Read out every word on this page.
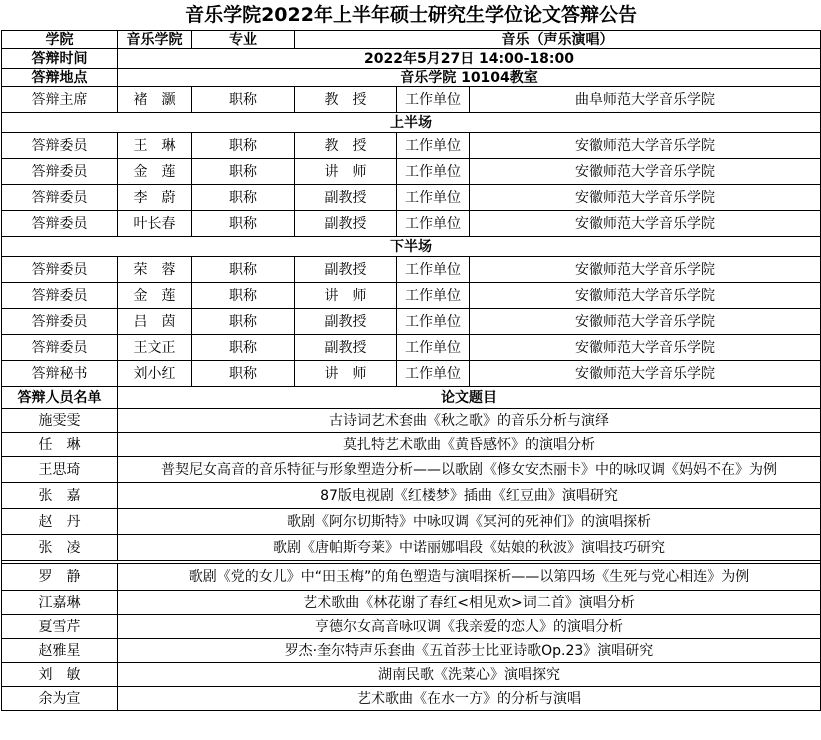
音乐学院2022年上半年硕士研究生学位论文答辩公告					
学院	音乐学院	专业	音乐（声乐演唱）		
答辩时间	2022年5月27日 14:00-18:00				
答辩地点	音乐学院 10104教室				
答辩主席	褚　灏	职称	教　授	工作单位	曲阜师范大学音乐学院
上半场					
答辩委员	王　琳	职称	教　授	工作单位	安徽师范大学音乐学院
答辩委员	金　莲	职称	讲　师	工作单位	安徽师范大学音乐学院
答辩委员	李　蔚	职称	副教授	工作单位	安徽师范大学音乐学院
答辩委员	叶长春	职称	副教授	工作单位	安徽师范大学音乐学院
下半场					
答辩委员	荣　蓉	职称	副教授	工作单位	安徽师范大学音乐学院
答辩委员	金　莲	职称	讲　师	工作单位	安徽师范大学音乐学院
答辩委员	吕　茵	职称	副教授	工作单位	安徽师范大学音乐学院
答辩委员	王文正	职称	副教授	工作单位	安徽师范大学音乐学院
答辩秘书	刘小红	职称	讲　师	工作单位	安徽师范大学音乐学院
答辩人员名单	论文题目				
施雯雯	古诗词艺术套曲《秋之歌》的音乐分析与演绎				
任　琳	莫扎特艺术歌曲《黄昏感怀》的演唱分析				
王思琦	普契尼女高音的音乐特征与形象塑造分析——以歌剧《修女安杰丽卡》中的咏叹调《妈妈不在》为例				
张　嘉	87版电视剧《红楼梦》插曲《红豆曲》演唱研究				
赵　丹	歌剧《阿尔切斯特》中咏叹调《冥河的死神们》的演唱探析				
张　凌	歌剧《唐帕斯夸莱》中诺丽娜唱段《姑娘的秋波》演唱技巧研究				

罗　静	歌剧《党的女儿》中“田玉梅”的角色塑造与演唱探析——以第四场《生死与党心相连》为例				
江嘉琳	艺术歌曲《林花谢了春红<相见欢>词二首》演唱分析				
夏雪芹	亨德尔女高音咏叹调《我亲爱的恋人》的演唱分析				
赵雅星	罗杰·奎尔特声乐套曲《五首莎士比亚诗歌Op.23》演唱研究				
刘　敏	湖南民歌《洗菜心》演唱探究				
余为宣	艺术歌曲《在水一方》的分析与演唱				
